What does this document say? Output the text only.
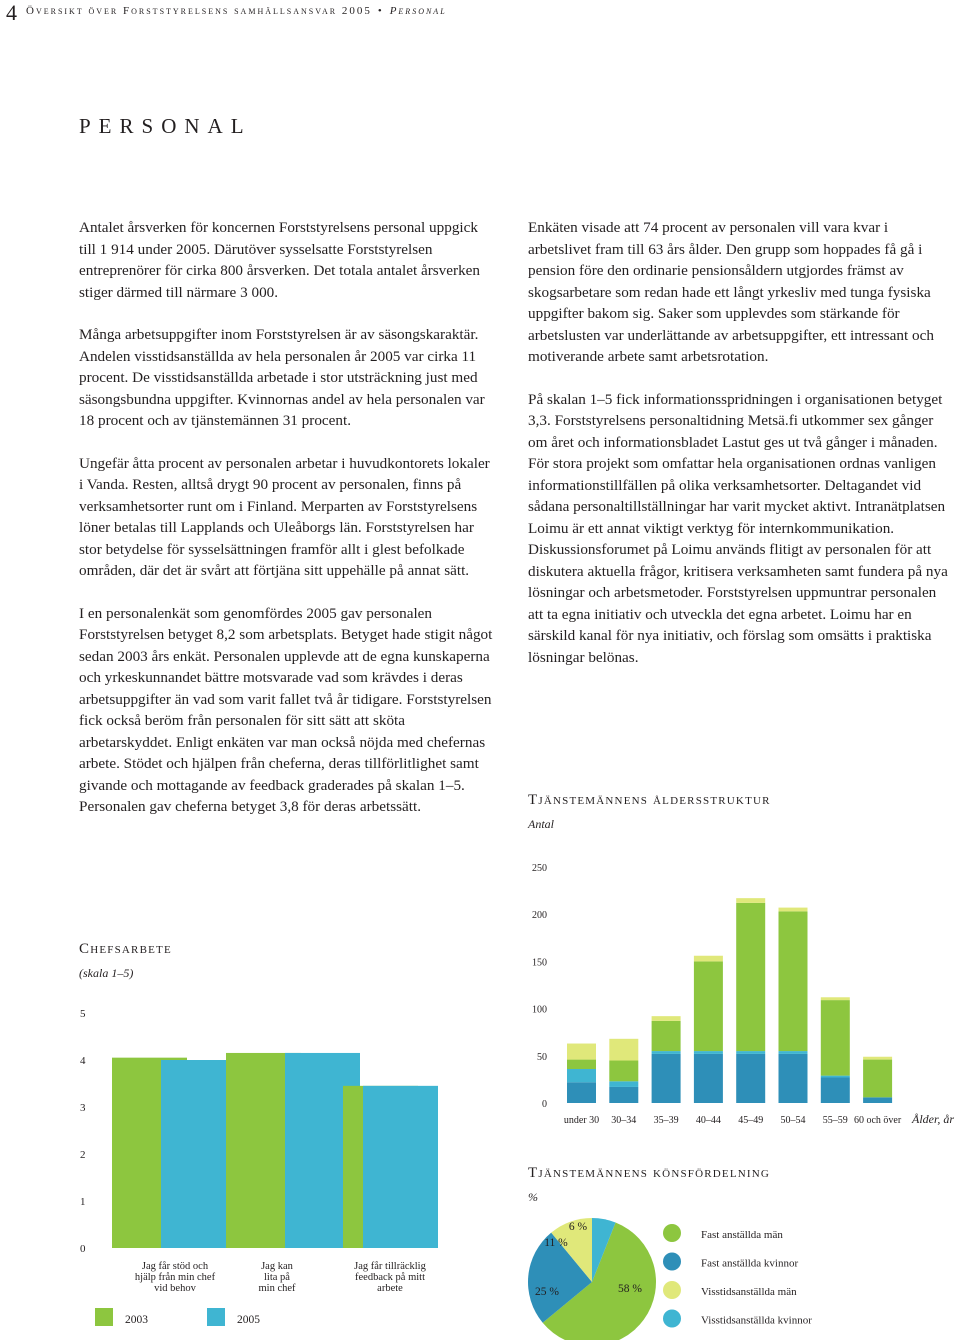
4 Översikt över Forststyrelsens samhällsansvar 2005 • Personal
PERSONAL

Antalet årsverken för koncernen Forststyrelsens personal uppgick till 1 914 under 2005. Därutöver sysselsatte Forststyrelsen entreprenörer för cirka 800 årsverken. Det totala antalet årsverken stiger därmed till närmare 3 000.

Många arbetsuppgifter inom Forststyrelsen är av säsongskaraktär. Andelen visstidsanställda av hela personalen år 2005 var cirka 11 procent. De visstidsanställda arbetade i stor utsträckning just med säsongsbundna uppgifter. Kvinnornas andel av hela personalen var 18 procent och av tjänstemännen 31 procent.

Ungefär åtta procent av personalen arbetar i huvudkontorets lokaler i Vanda. Resten, alltså drygt 90 procent av personalen, finns på verksamhetsorter runt om i Finland. Merparten av Forststyrelsens löner betalas till Lapplands och Uleåborgs län. Forststyrelsen har stor betydelse för sysselsättningen framför allt i glest befolkade områden, där det är svårt att förtjäna sitt uppehälle på annat sätt.

I en personalenkät som genomfördes 2005 gav personalen Forststyrelsen betyget 8,2 som arbetsplats. Betyget hade stigit något sedan 2003 års enkät. Personalen upplevde att de egna kunskaperna och yrkeskunnandet bättre motsvarade vad som krävdes i deras arbetsuppgifter än vad som varit fallet två år tidigare. Forststyrelsen fick också beröm från personalen för sitt sätt att sköta arbetarskyddet. Enligt enkäten var man också nöjda med chefernas arbete. Stödet och hjälpen från cheferna, deras tillförlitlighet samt givande och mottagande av feedback graderades på skalan 1–5. Personalen gav cheferna betyget 3,8 för deras arbetssätt.

Enkäten visade att 74 procent av personalen vill vara kvar i arbetslivet fram till 63 års ålder. Den grupp som hoppades få gå i pension före den ordinarie pensionsåldern utgjordes främst av skogsarbetare som redan hade ett långt yrkesliv med tunga fysiska uppgifter bakom sig. Saker som upplevdes som stärkande för arbetslusten var underlättande av arbetsuppgifter, ett intressant och motiverande arbete samt arbetsrotation.

På skalan 1–5 fick informationsspridningen i organisationen betyget 3,3. Forststyrelsens personaltidning Metsä.fi utkommer sex gånger om året och informationsbladet Lastut ges ut två gånger i månaden. För stora projekt som omfattar hela organisationen ordnas vanligen informationstillfällen på olika verksamhetsorter. Deltagandet vid sådana personaltillställningar har varit mycket aktivt. Intranätplatsen Loimu är ett annat viktigt verktyg för internkommunikation. Diskussionsforumet på Loimu används flitigt av personalen för att diskutera aktuella frågor, kritisera verksamheten samt fundera på nya lösningar och arbetsmetoder. Forststyrelsen uppmuntrar personalen att ta egna initiativ och utveckla det egna arbetet. Loimu har en särskild kanal för nya initiativ, och förslag som omsätts i praktiska lösningar belönas.

Chefsarbete
(skala 1–5)
0
1
2
3
4
5
Jag får stöd och hjälp från min chef vid behov
Jag kan lita på min chef
Jag får tillräcklig feedback på mitt arbete
2003	2005
Tjänstemännens åldersstruktur
Antal
0
50
100
150
200
250
under 30 30–34 35–39 40–44 45–49 50–54 55–59 60 och över Ålder, år
Tjänstemännens könsfördelning
%
58 %
25 %
11 %
6 %
Fast anställda män
Fast anställda kvinnor
Visstidsanställda män
Visstidsanställda kvinnor
